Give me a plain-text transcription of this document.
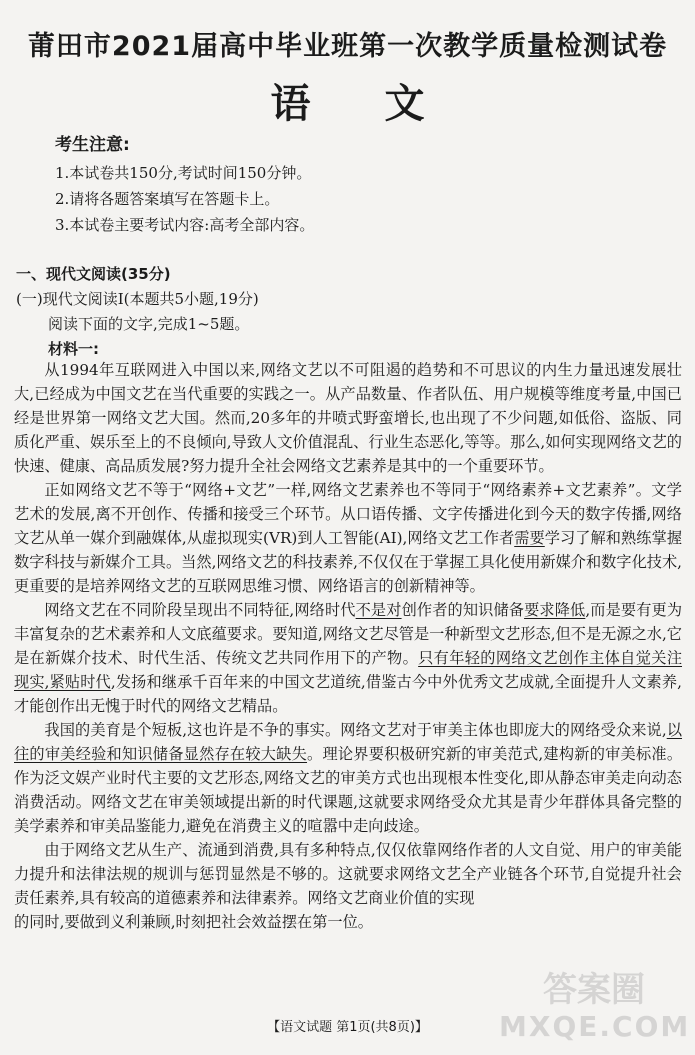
莆田市2021届高中毕业班第一次教学质量检测试卷
语 文
考生注意:
1.本试卷共150分,考试时间150分钟。
2.请将各题答案填写在答题卡上。
3.本试卷主要考试内容:高考全部内容。
一、现代文阅读(35分)
(一)现代文阅读Ⅰ(本题共5小题,19分)
阅读下面的文字,完成1~5题。
材料一:

从1994年互联网进入中国以来,网络文艺以不可阻遏的趋势和不可思议的内生力量迅速发展壮大,已经成为中国文艺在当代重要的实践之一。从产品数量、作者队伍、用户规模等维度考量,中国已经是世界第一网络文艺大国。然而,20多年的井喷式野蛮增长,也出现了不少问题,如低俗、盗版、同质化严重、娱乐至上的不良倾向,导致人文价值混乱、行业生态恶化,等等。那么,如何实现网络文艺的快速、健康、高品质发展?努力提升全社会网络文艺素养是其中的一个重要环节。

正如网络文艺不等于“网络+文艺”一样,网络文艺素养也不等同于“网络素养+文艺素养”。文学艺术的发展,离不开创作、传播和接受三个环节。从口语传播、文字传播进化到今天的数字传播,网络文艺从单一媒介到融媒体,从虚拟现实(VR)到人工智能(AI),网络文艺工作者需要学习了解和熟练掌握数字科技与新媒介工具。当然,网络文艺的科技素养,不仅仅在于掌握工具化使用新媒介和数字化技术,更重要的是培养网络文艺的互联网思维习惯、网络语言的创新精神等。

网络文艺在不同阶段呈现出不同特征,网络时代不是对创作者的知识储备要求降低,而是要有更为丰富复杂的艺术素养和人文底蕴要求。要知道,网络文艺尽管是一种新型文艺形态,但不是无源之水,它是在新媒介技术、时代生活、传统文艺共同作用下的产物。只有年轻的网络文艺创作主体自觉关注现实,紧贴时代,发扬和继承千百年来的中国文艺道统,借鉴古今中外优秀文艺成就,全面提升人文素养,才能创作出无愧于时代的网络文艺精品。

我国的美育是个短板,这也许是不争的事实。网络文艺对于审美主体也即庞大的网络受众来说,以往的审美经验和知识储备显然存在较大缺失。理论界要积极研究新的审美范式,建构新的审美标准。作为泛文娱产业时代主要的文艺形态,网络文艺的审美方式也出现根本性变化,即从静态审美走向动态消费活动。网络文艺在审美领域提出新的时代课题,这就要求网络受众尤其是青少年群体具备完整的美学素养和审美品鉴能力,避免在消费主义的喧嚣中走向歧途。

由于网络文艺从生产、流通到消费,具有多种特点,仅仅依靠网络作者的人文自觉、用户的审美能力提升和法律法规的规训与惩罚显然是不够的。这就要求网络文艺全产业链各个环节,自觉提升社会责任素养,具有较高的道德素养和法律素养。网络文艺商业价值的实现

的同时,要做到义利兼顾,时刻把社会效益摆在第一位。

【语文试题 第1页(共8页)】
答案圈
MXQE.COM
